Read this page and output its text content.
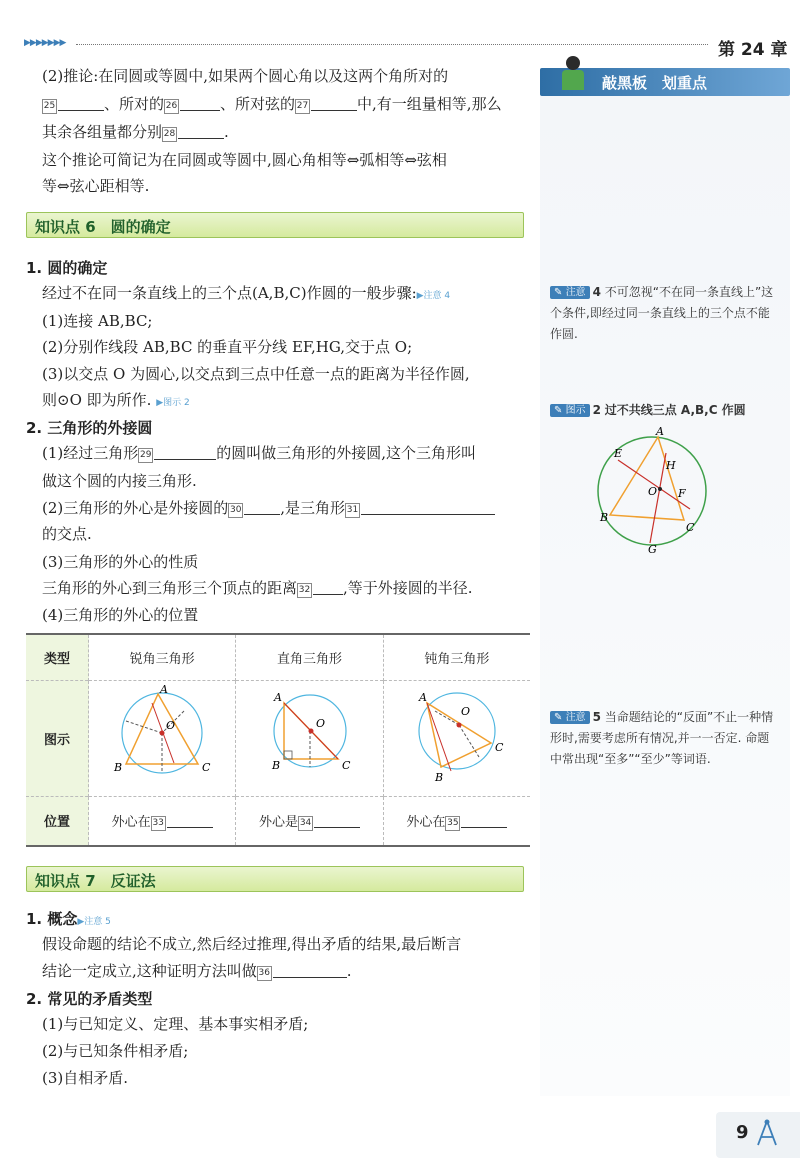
▶▶▶▶▶▶▶	第 24 章
敲黑板　划重点
(2)推论:在同圆或等圆中,如果两个圆心角以及这两个角所对的
25	、所对的 26	、所对弦的 27	中,有一组量相等,那么
其余各组量都分别 28	.
这个推论可简记为在同圆或等圆中,圆心角相等⇔弧相等⇔弦相
等⇔弦心距相等.
知识点 6　圆的确定
1. 圆的确定
经过不在同一条直线上的三个点(A,B,C)作圆的一般步骤:▶注意 4
(1)连接 AB,BC;
(2)分别作线段 AB,BC 的垂直平分线 EF,HG,交于点 O;
(3)以交点 O 为圆心,以交点到三点中任意一点的距离为半径作圆,
则⊙O 即为所作. ▶图示 2
2. 三角形的外接圆
(1)经过三角形 29	的圆叫做三角形的外接圆,这个三角形叫
做这个圆的内接三角形.
(2)三角形的外心是外接圆的 30	,是三角形 31
的交点.
(3)三角形的外心的性质
三角形的外心到三角形三个顶点的距离 32 ,等于外接圆的半径.
(4)三角形的外心的位置
类型	锐角三角形	直角三角形	钝角三角形
图示	A
O
B C	A
O
B C	A
O
B
C

位置	外心在 33	外心是 34	外心在 35
知识点 7　反证法
1. 概念▶注意 5
假设命题的结论不成立,然后经过推理,得出矛盾的结果,最后断言
结论一定成立,这种证明方法叫做 36	.
2. 常见的矛盾类型
(1)与已知定义、定理、基本事实相矛盾;
(2)与已知条件相矛盾;
(3)自相矛盾.
✎ 注意 4 不可忽视“不在同一条直线上”这个条件,即经过同一条直线上的三个点不能作圆.
✎ 图示 2 过不共线三点 A,B,C 作圆
A
E
H
O F
B
C
G
✎ 注意 5 当命题结论的“反面”不止一种情形时,需要考虑所有情况,并一一否定. 命题中常出现“至多”“至少”等词语.
9
